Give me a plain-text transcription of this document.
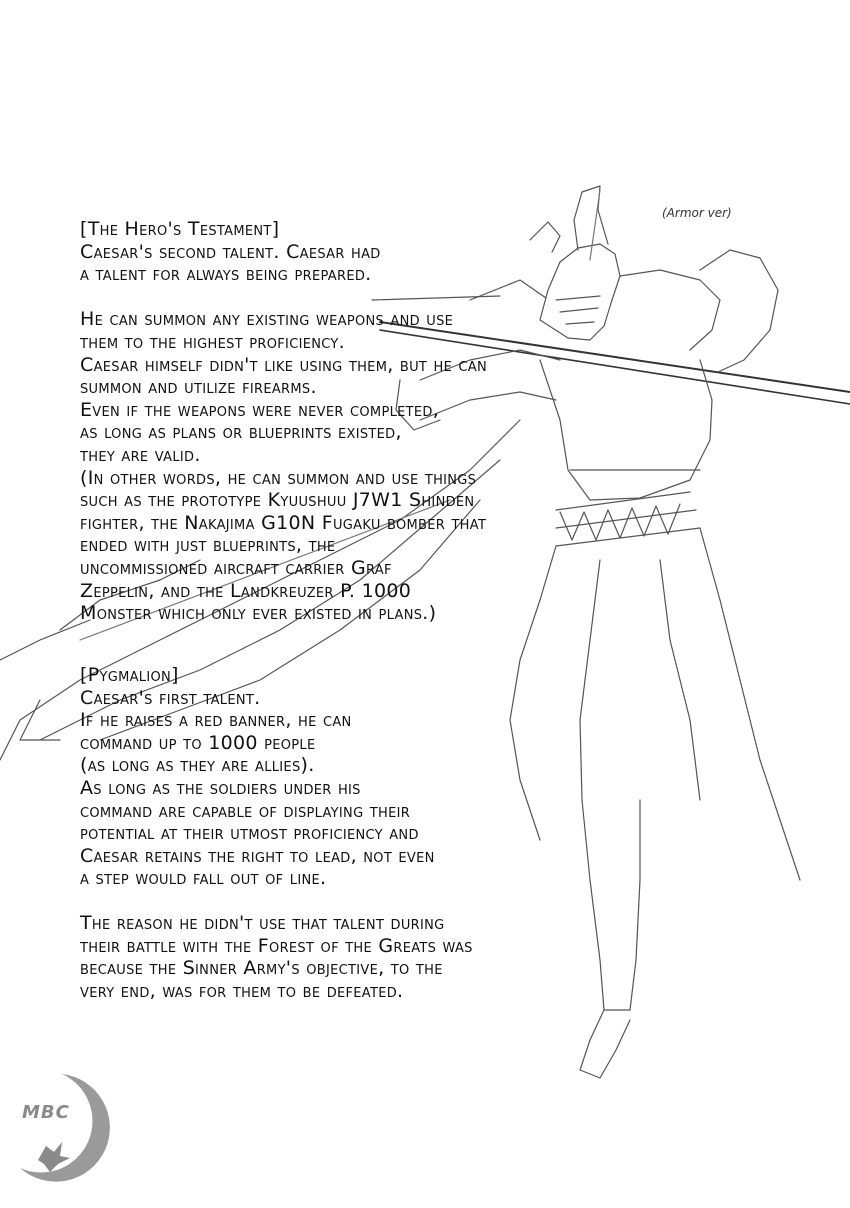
(Armor ver)
[The Hero's Testament]
Caesar's second talent. Caesar had
a talent for always being prepared.
He can summon any existing weapons and use
them to the highest proficiency.
Caesar himself didn't like using them, but he can
summon and utilize firearms.
Even if the weapons were never completed,
as long as plans or blueprints existed,
they are valid.
(In other words, he can summon and use things
such as the prototype Kyuushuu J7W1 Shinden
fighter, the Nakajima G10N Fugaku bomber that
ended with just blueprints, the
uncommissioned aircraft carrier Graf
Zeppelin, and the Landkreuzer P. 1000
Monster which only ever existed in plans.)
[Pygmalion]
Caesar's first talent.
If he raises a red banner, he can
command up to 1000 people
(as long as they are allies).
As long as the soldiers under his
command are capable of displaying their
potential at their utmost proficiency and
Caesar retains the right to lead, not even
a step would fall out of line.
The reason he didn't use that talent during
their battle with the Forest of the Greats was
because the Sinner Army's objective, to the
very end, was for them to be defeated.
MBC
